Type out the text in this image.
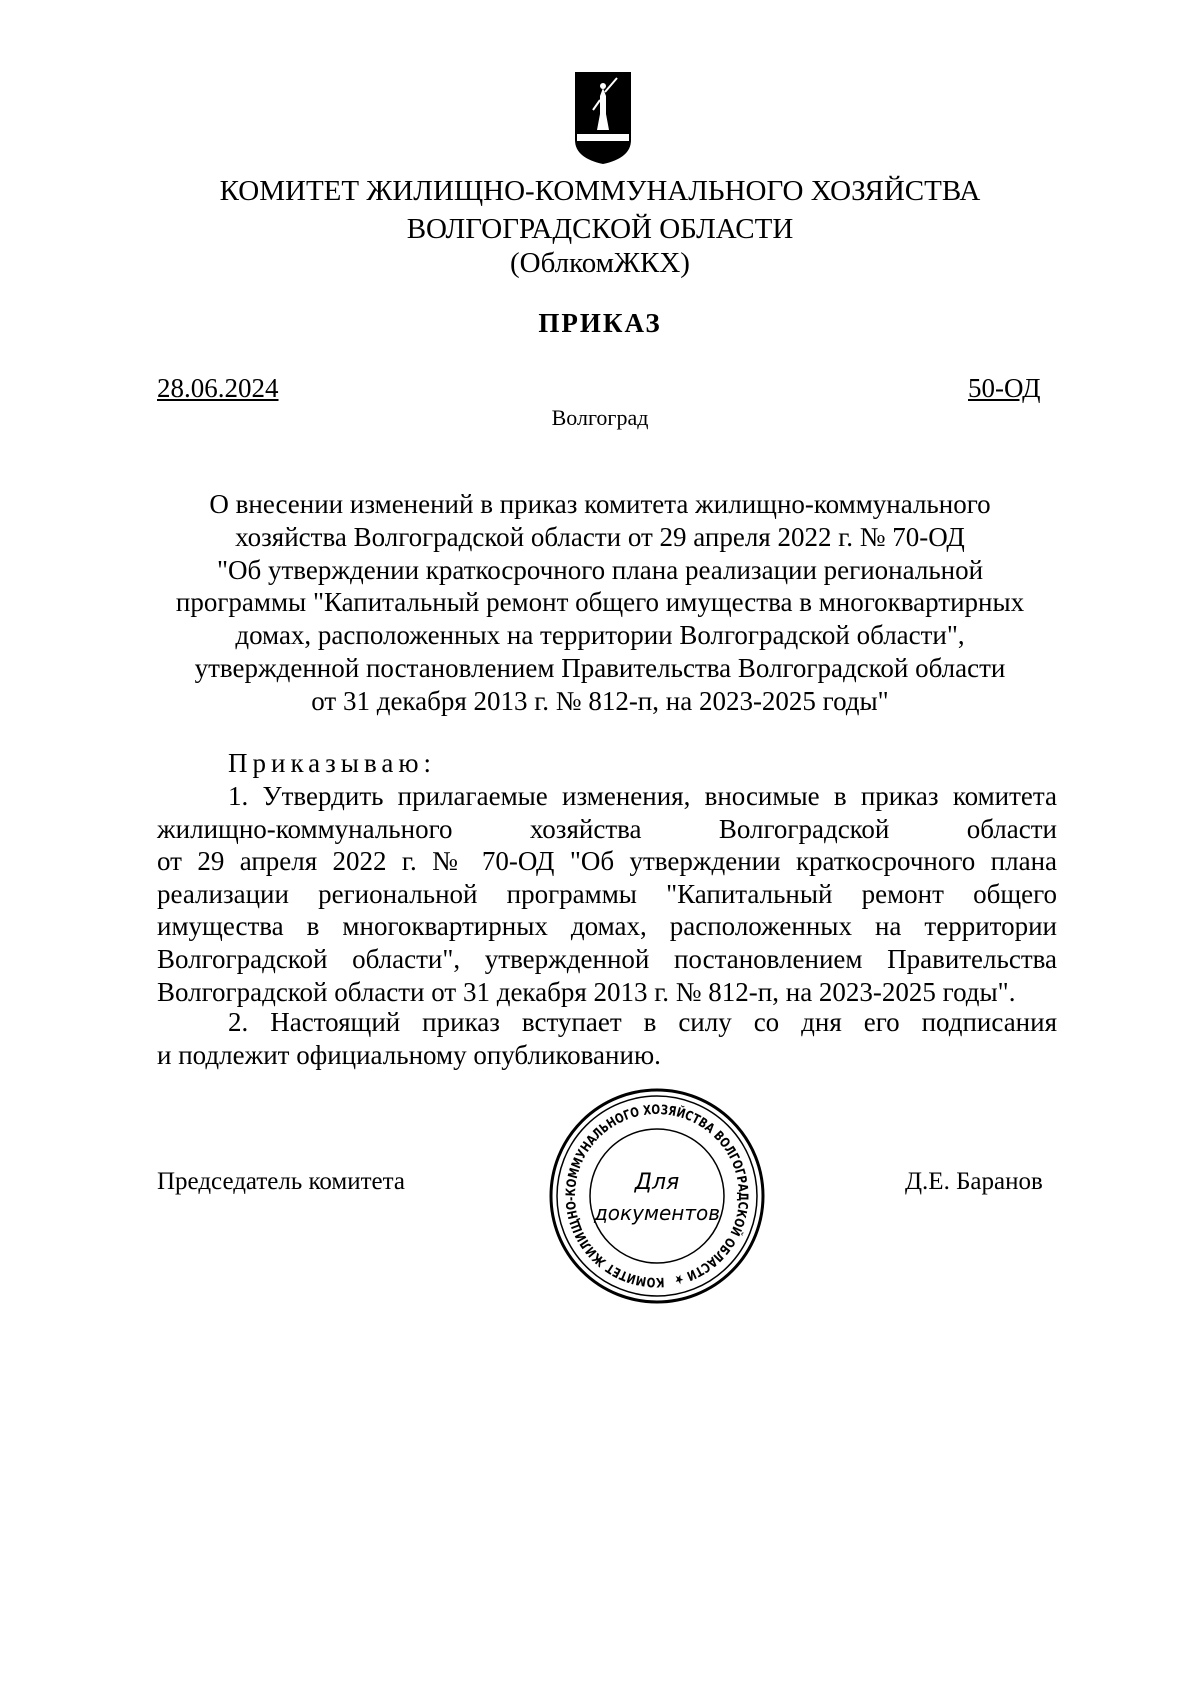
КОМИТЕТ ЖИЛИЩНО-КОММУНАЛЬНОГО ХОЗЯЙСТВА
ВОЛГОГРАДСКОЙ ОБЛАСТИ
(ОблкомЖКХ)
ПРИКАЗ
28.06.2024	50-ОД
Волгоград
О внесении изменений в приказ комитета жилищно-коммунального
хозяйства Волгоградской области от 29 апреля 2022 г. № 70-ОД
"Об утверждении краткосрочного плана реализации региональной
программы "Капитальный ремонт общего имущества в многоквартирных
домах, расположенных на территории Волгоградской области",
утвержденной постановлением Правительства Волгоградской области
от 31 декабря 2013 г. № 812-п, на 2023-2025 годы"
Приказываю:
1. Утвердить прилагаемые изменения, вносимые в приказ комитета
жилищно-коммунального хозяйства Волгоградской области
от 29 апреля 2022 г. № 70-ОД "Об утверждении краткосрочного плана
реализации региональной программы "Капитальный ремонт общего
имущества в многоквартирных домах, расположенных на территории
Волгоградской области", утвержденной постановлением Правительства
Волгоградской области от 31 декабря 2013 г. № 812-п, на 2023-2025 годы".
2. Настоящий приказ вступает в силу со дня его подписания
и подлежит официальному опубликованию.
Председатель комитета	Д.Е. Баранов
КОМИТЕТ ЖИЛИЩНО-КОММУНАЛЬНОГО ХОЗЯЙСТВА ВОЛГОГРАДСКОЙ ОБЛАСТИ ★
Для
документов
